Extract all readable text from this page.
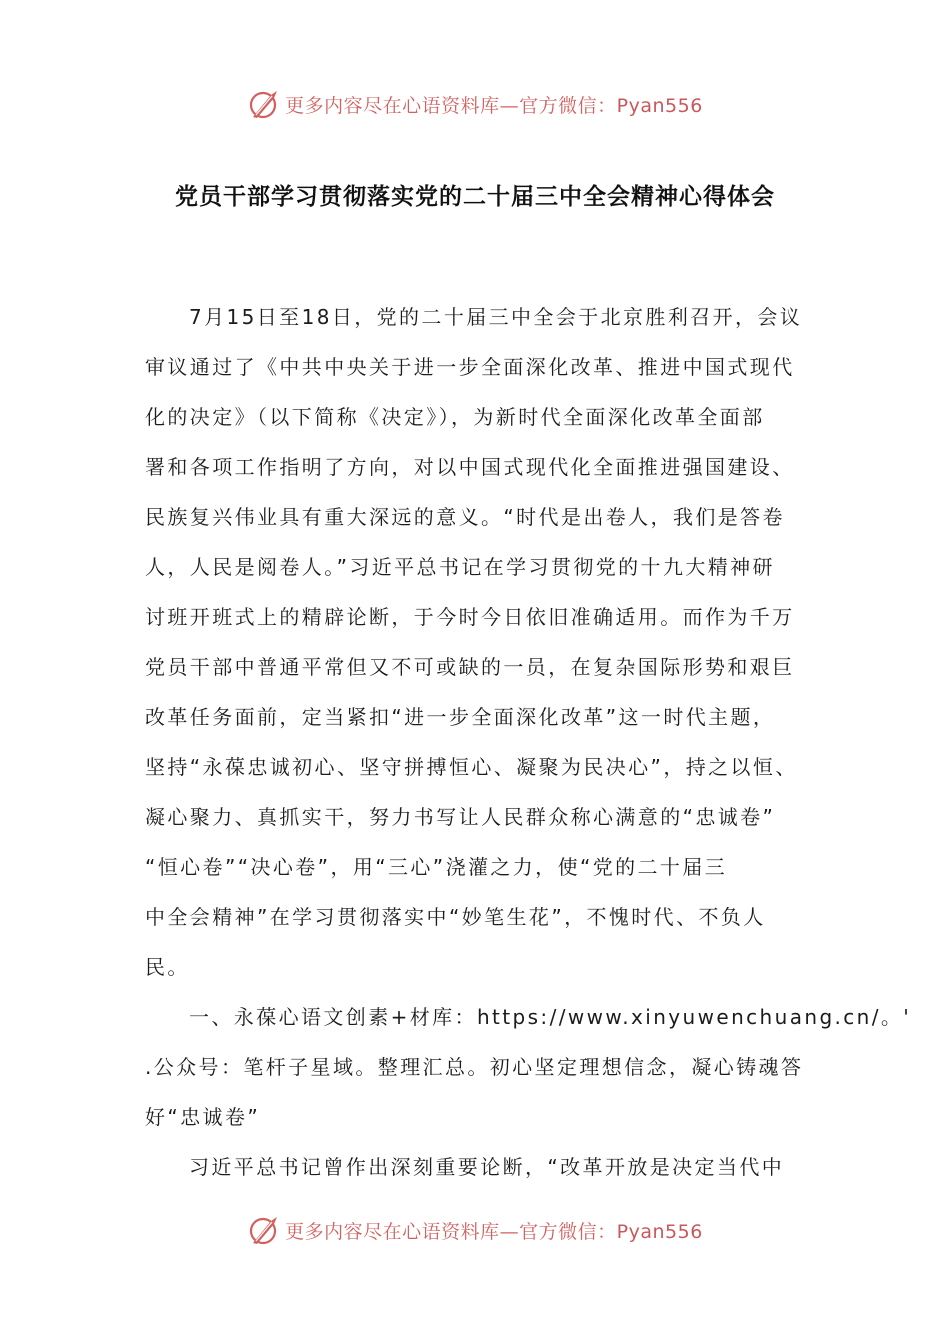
更多内容尽在心语资料库—官方微信：Pyan556
党员干部学习贯彻落实党的二十届三中全会精神心得体会

7月15日至18日，党的二十届三中全会于北京胜利召开，会议
审议通过了《中共中央关于进一步全面深化改革、推进中国式现代
化的决定》（以下简称《决定》），为新时代全面深化改革全面部
署和各项工作指明了方向，对以中国式现代化全面推进强国建设、
民族复兴伟业具有重大深远的意义。“时代是出卷人，我们是答卷
人，人民是阅卷人。”习近平总书记在学习贯彻党的十九大精神研
讨班开班式上的精辟论断，于今时今日依旧准确适用。而作为千万
党员干部中普通平常但又不可或缺的一员，在复杂国际形势和艰巨
改革任务面前，定当紧扣“进一步全面深化改革”这一时代主题，
坚持“永葆忠诚初心、坚守拼搏恒心、凝聚为民决心”，持之以恒、
凝心聚力、真抓实干，努力书写让人民群众称心满意的“忠诚卷”
“恒心卷”“决心卷”，用“三心”浇灌之力，使“党的二十届三
中全会精神”在学习贯彻落实中“妙笔生花”，不愧时代、不负人
民。

一、永葆心语文创素+材库：https://www.xinyuwenchuang.cn/。'
.公众号：笔杆子星域。整理汇总。初心坚定理想信念，凝心铸魂答
好“忠诚卷”

习近平总书记曾作出深刻重要论断，“改革开放是决定当代中

更多内容尽在心语资料库—官方微信：Pyan556
